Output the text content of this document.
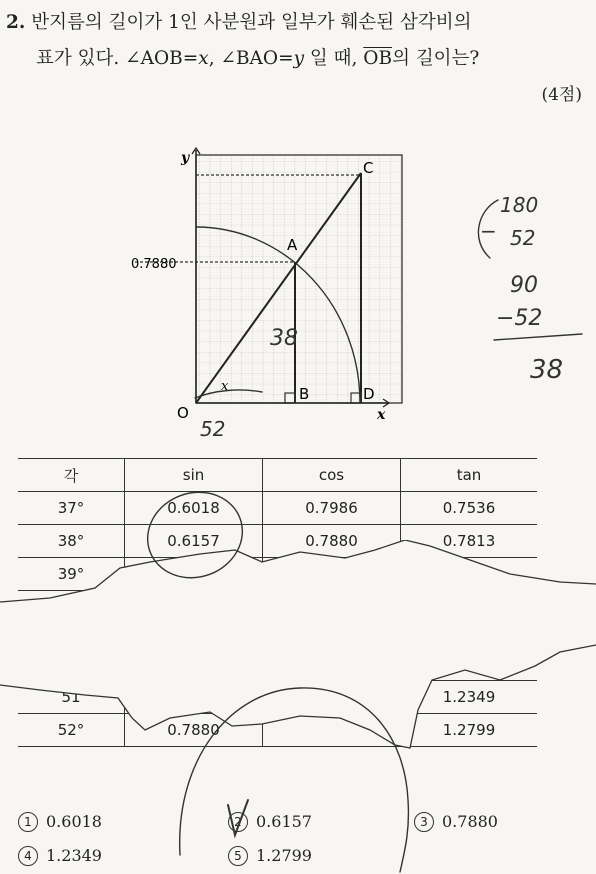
2. 반지름의 길이가 1인 사분원과 일부가 훼손된 삼각비의
표가 있다. ∠AOB=x, ∠BAO=y 일 때, $\overline{OB}$의 길이는?
(4점)
y
x
O
A
B
C
D
x
0.7880
각	sin	cos	tan
37°	0.6018	0.7986	0.7536
38°	0.6157	0.7880	0.7813
39°			
51			1.2349
52°	0.7880		1.2799
1 0.6018	2 0.6157	3 0.7880
4 1.2349	5 1.2799
38
52
180
− 52
90
−52
38
